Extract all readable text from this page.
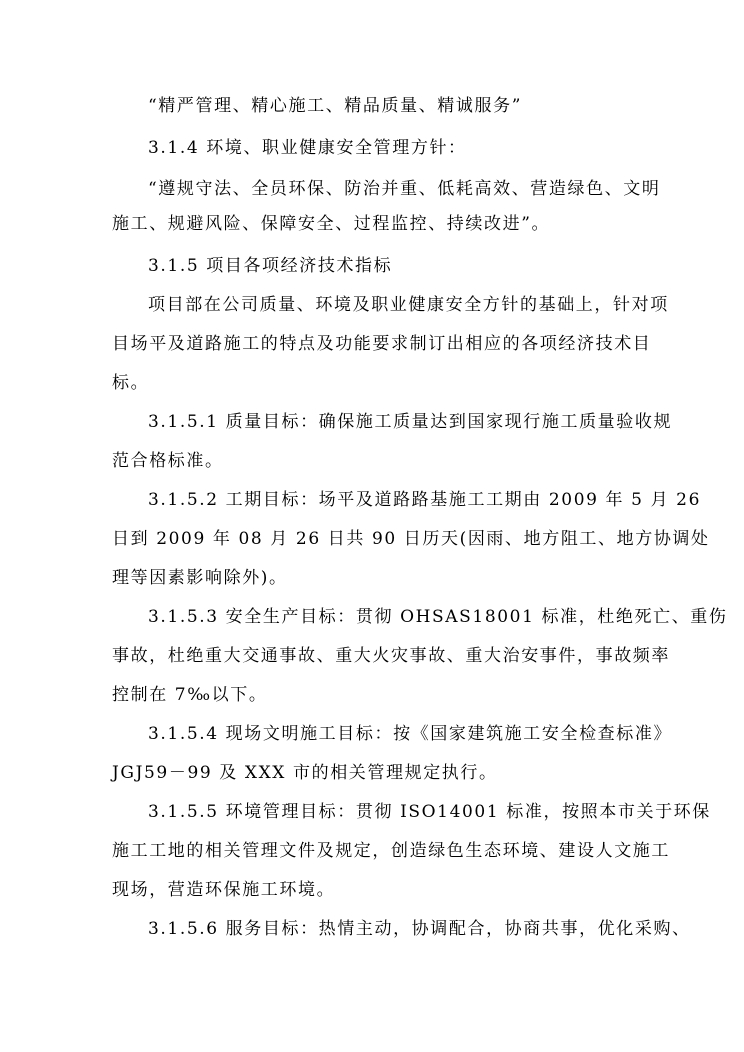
“精严管理、精心施工、精品质量、精诚服务”
3.1.4 环境、职业健康安全管理方针：
“遵规守法、全员环保、防治并重、低耗高效、营造绿色、文明
施工、规避风险、保障安全、过程监控、持续改进”。
3.1.5 项目各项经济技术指标
项目部在公司质量、环境及职业健康安全方针的基础上，针对项
目场平及道路施工的特点及功能要求制订出相应的各项经济技术目
标。
3.1.5.1 质量目标：确保施工质量达到国家现行施工质量验收规
范合格标准。
3.1.5.2 工期目标：场平及道路路基施工工期由 2009 年 5 月 26
日到 2009 年 08 月 26 日共 90 日历天(因雨、地方阻工、地方协调处
理等因素影响除外)。
3.1.5.3 安全生产目标：贯彻 OHSAS18001 标准，杜绝死亡、重伤
事故，杜绝重大交通事故、重大火灾事故、重大治安事件，事故频率
控制在 7‰以下。
3.1.5.4 现场文明施工目标：按《国家建筑施工安全检查标准》
JGJ59－99 及 XXX 市的相关管理规定执行。
3.1.5.5 环境管理目标：贯彻 ISO14001 标准，按照本市关于环保
施工工地的相关管理文件及规定，创造绿色生态环境、建设人文施工
现场，营造环保施工环境。
3.1.5.6 服务目标：热情主动，协调配合，协商共事，优化采购、
